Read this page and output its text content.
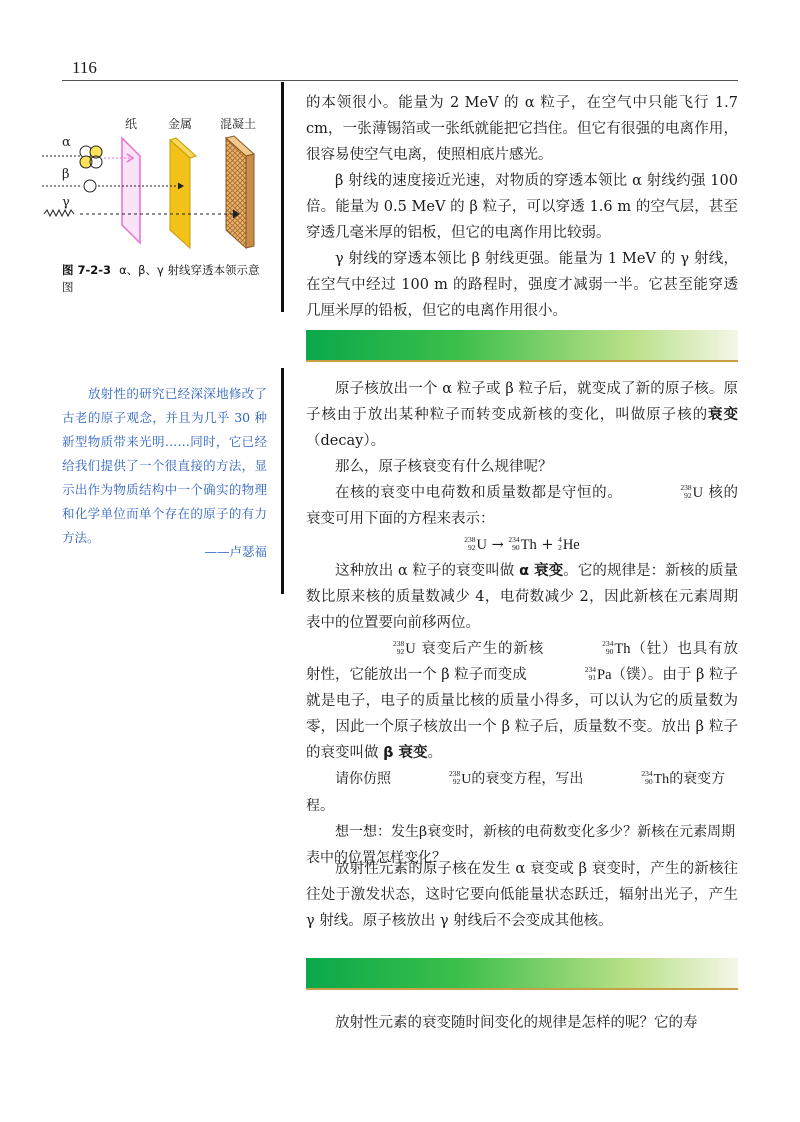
116
纸	金属 混凝土
α
β
γ
图 7-2-3 α、β、γ 射线穿透本领示意图
放射性的研究已经深深地修改了古老的原子观念，并且为几乎 30 种新型物质带来光明……同时，它已经给我们提供了一个很直接的方法，显示出作为物质结构中一个确实的物理和化学单位而单个存在的原子的有力方法。
——卢瑟福

的本领很小。能量为 2 MeV 的 α 粒子，在空气中只能飞行 1.7 cm，一张薄锡箔或一张纸就能把它挡住。但它有很强的电离作用，很容易使空气电离，使照相底片感光。

β 射线的速度接近光速，对物质的穿透本领比 α 射线约强 100 倍。能量为 0.5 MeV 的 β 粒子，可以穿透 1.6 m 的空气层，甚至穿透几毫米厚的铝板，但它的电离作用比较弱。

γ 射线的穿透本领比 β 射线更强。能量为 1 MeV 的 γ 射线，在空气中经过 100 m 的路程时，强度才减弱一半。它甚至能穿透几厘米厚的铅板，但它的电离作用很小。

原子核放出一个 α 粒子或 β 粒子后，就变成了新的原子核。原子核由于放出某种粒子而转变成新核的变化，叫做原子核的衰变（decay）。

那么，原子核衰变有什么规律呢？

在核的衰变中电荷数和质量数都是守恒的。	238
92 U 核的衰变可用下面的方程来表示：

238
92 U → 234
90 Th + 4
2 He

这种放出 α 粒子的衰变叫做 α 衰变。它的规律是：新核的质量数比原来核的质量数减少 4，电荷数减少 2，因此新核在元素周期表中的位置要向前移两位。

238
92 U 衰变后产生的新核	234
90 Th（钍）也具有放射性，它能放出一个 β 粒子而变成	234
91 Pa（镤）。由于 β 粒子就是电子，电子的质量比核的质量小得多，可以认为它的质量数为零，因此一个原子核放出一个 β 粒子后，质量数不变。放出 β 粒子的衰变叫做 β 衰变。

请你仿照	238
92 U的衰变方程，写出	234
90 Th的衰变方程。

想一想：发生β衰变时，新核的电荷数变化多少？新核在元素周期表中的位置怎样变化？

放射性元素的原子核在发生 α 衰变或 β 衰变时，产生的新核往往处于激发状态，这时它要向低能量状态跃迁，辐射出光子，产生 γ 射线。原子核放出 γ 射线后不会变成其他核。

放射性元素的衰变随时间变化的规律是怎样的呢？它的寿
